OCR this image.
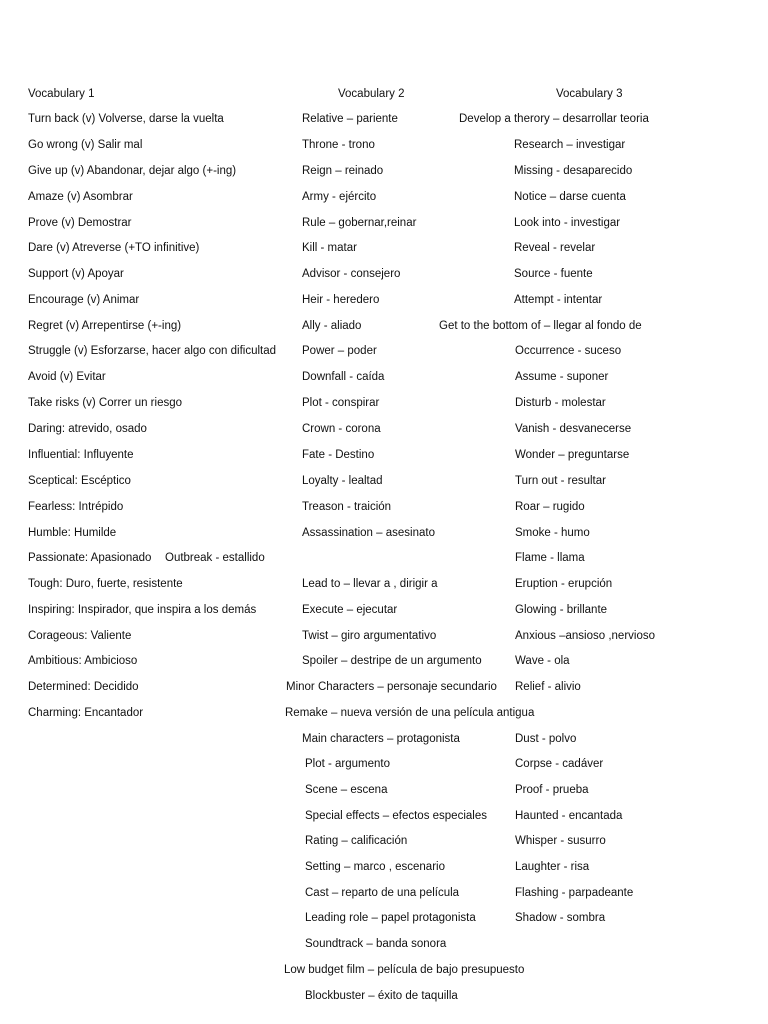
Vocabulary 1
Turn back (v) Volverse, darse la vuelta
Go wrong (v) Salir mal
Give up (v) Abandonar, dejar algo (+-ing)
Amaze (v) Asombrar
Prove (v) Demostrar
Dare (v) Atreverse (+TO infinitive)
Support (v) Apoyar
Encourage (v) Animar
Regret (v) Arrepentirse (+-ing)
Struggle (v) Esforzarse, hacer algo con dificultad
Avoid (v) Evitar
Take risks (v) Correr un riesgo
Daring: atrevido, osado
Influential: Influyente
Sceptical: Escéptico
Fearless: Intrépido
Humble: Humilde
Passionate: Apasionado
Tough: Duro, fuerte, resistente
Inspiring: Inspirador, que inspira a los demás
Corageous: Valiente
Ambitious: Ambicioso
Determined: Decidido
Charming: Encantador
Vocabulary 2
Relative – pariente
Throne - trono
Reign – reinado
Army - ejército
Rule – gobernar,reinar
Kill - matar
Advisor - consejero
Heir - heredero
Ally - aliado
Power – poder
Downfall - caída
Plot - conspirar
Crown - corona
Fate - Destino
Loyalty - lealtad
Treason - traición
Assassination – asesinato
Outbreak - estallido
Lead to – llevar a , dirigir a
Execute – ejecutar
Twist – giro argumentativo
Spoiler – destripe de un argumento
Minor Characters – personaje secundario
Remake – nueva versión de una película antigua
Main characters – protagonista
Plot - argumento
Scene – escena
Special effects – efectos especiales
Rating – calificación
Setting – marco , escenario
Cast – reparto de una película
Leading role – papel protagonista
Soundtrack – banda sonora
Low budget film – película de bajo presupuesto
Blockbuster – éxito de taquilla
Vocabulary 3
Develop a therory – desarrollar teoria
Research – investigar
Missing - desaparecido
Notice – darse cuenta
Look into - investigar
Reveal - revelar
Source - fuente
Attempt - intentar
Get to the bottom of – llegar al fondo de
Occurrence - suceso
Assume - suponer
Disturb - molestar
Vanish - desvanecerse
Wonder – preguntarse
Turn out - resultar
Roar – rugido
Smoke - humo
Flame - llama
Eruption - erupción
Glowing - brillante
Anxious –ansioso ,nervioso
Wave - ola
Relief - alivio
Dust - polvo
Corpse - cadáver
Proof - prueba
Haunted - encantada
Whisper - susurro
Laughter - risa
Flashing - parpadeante
Shadow - sombra
